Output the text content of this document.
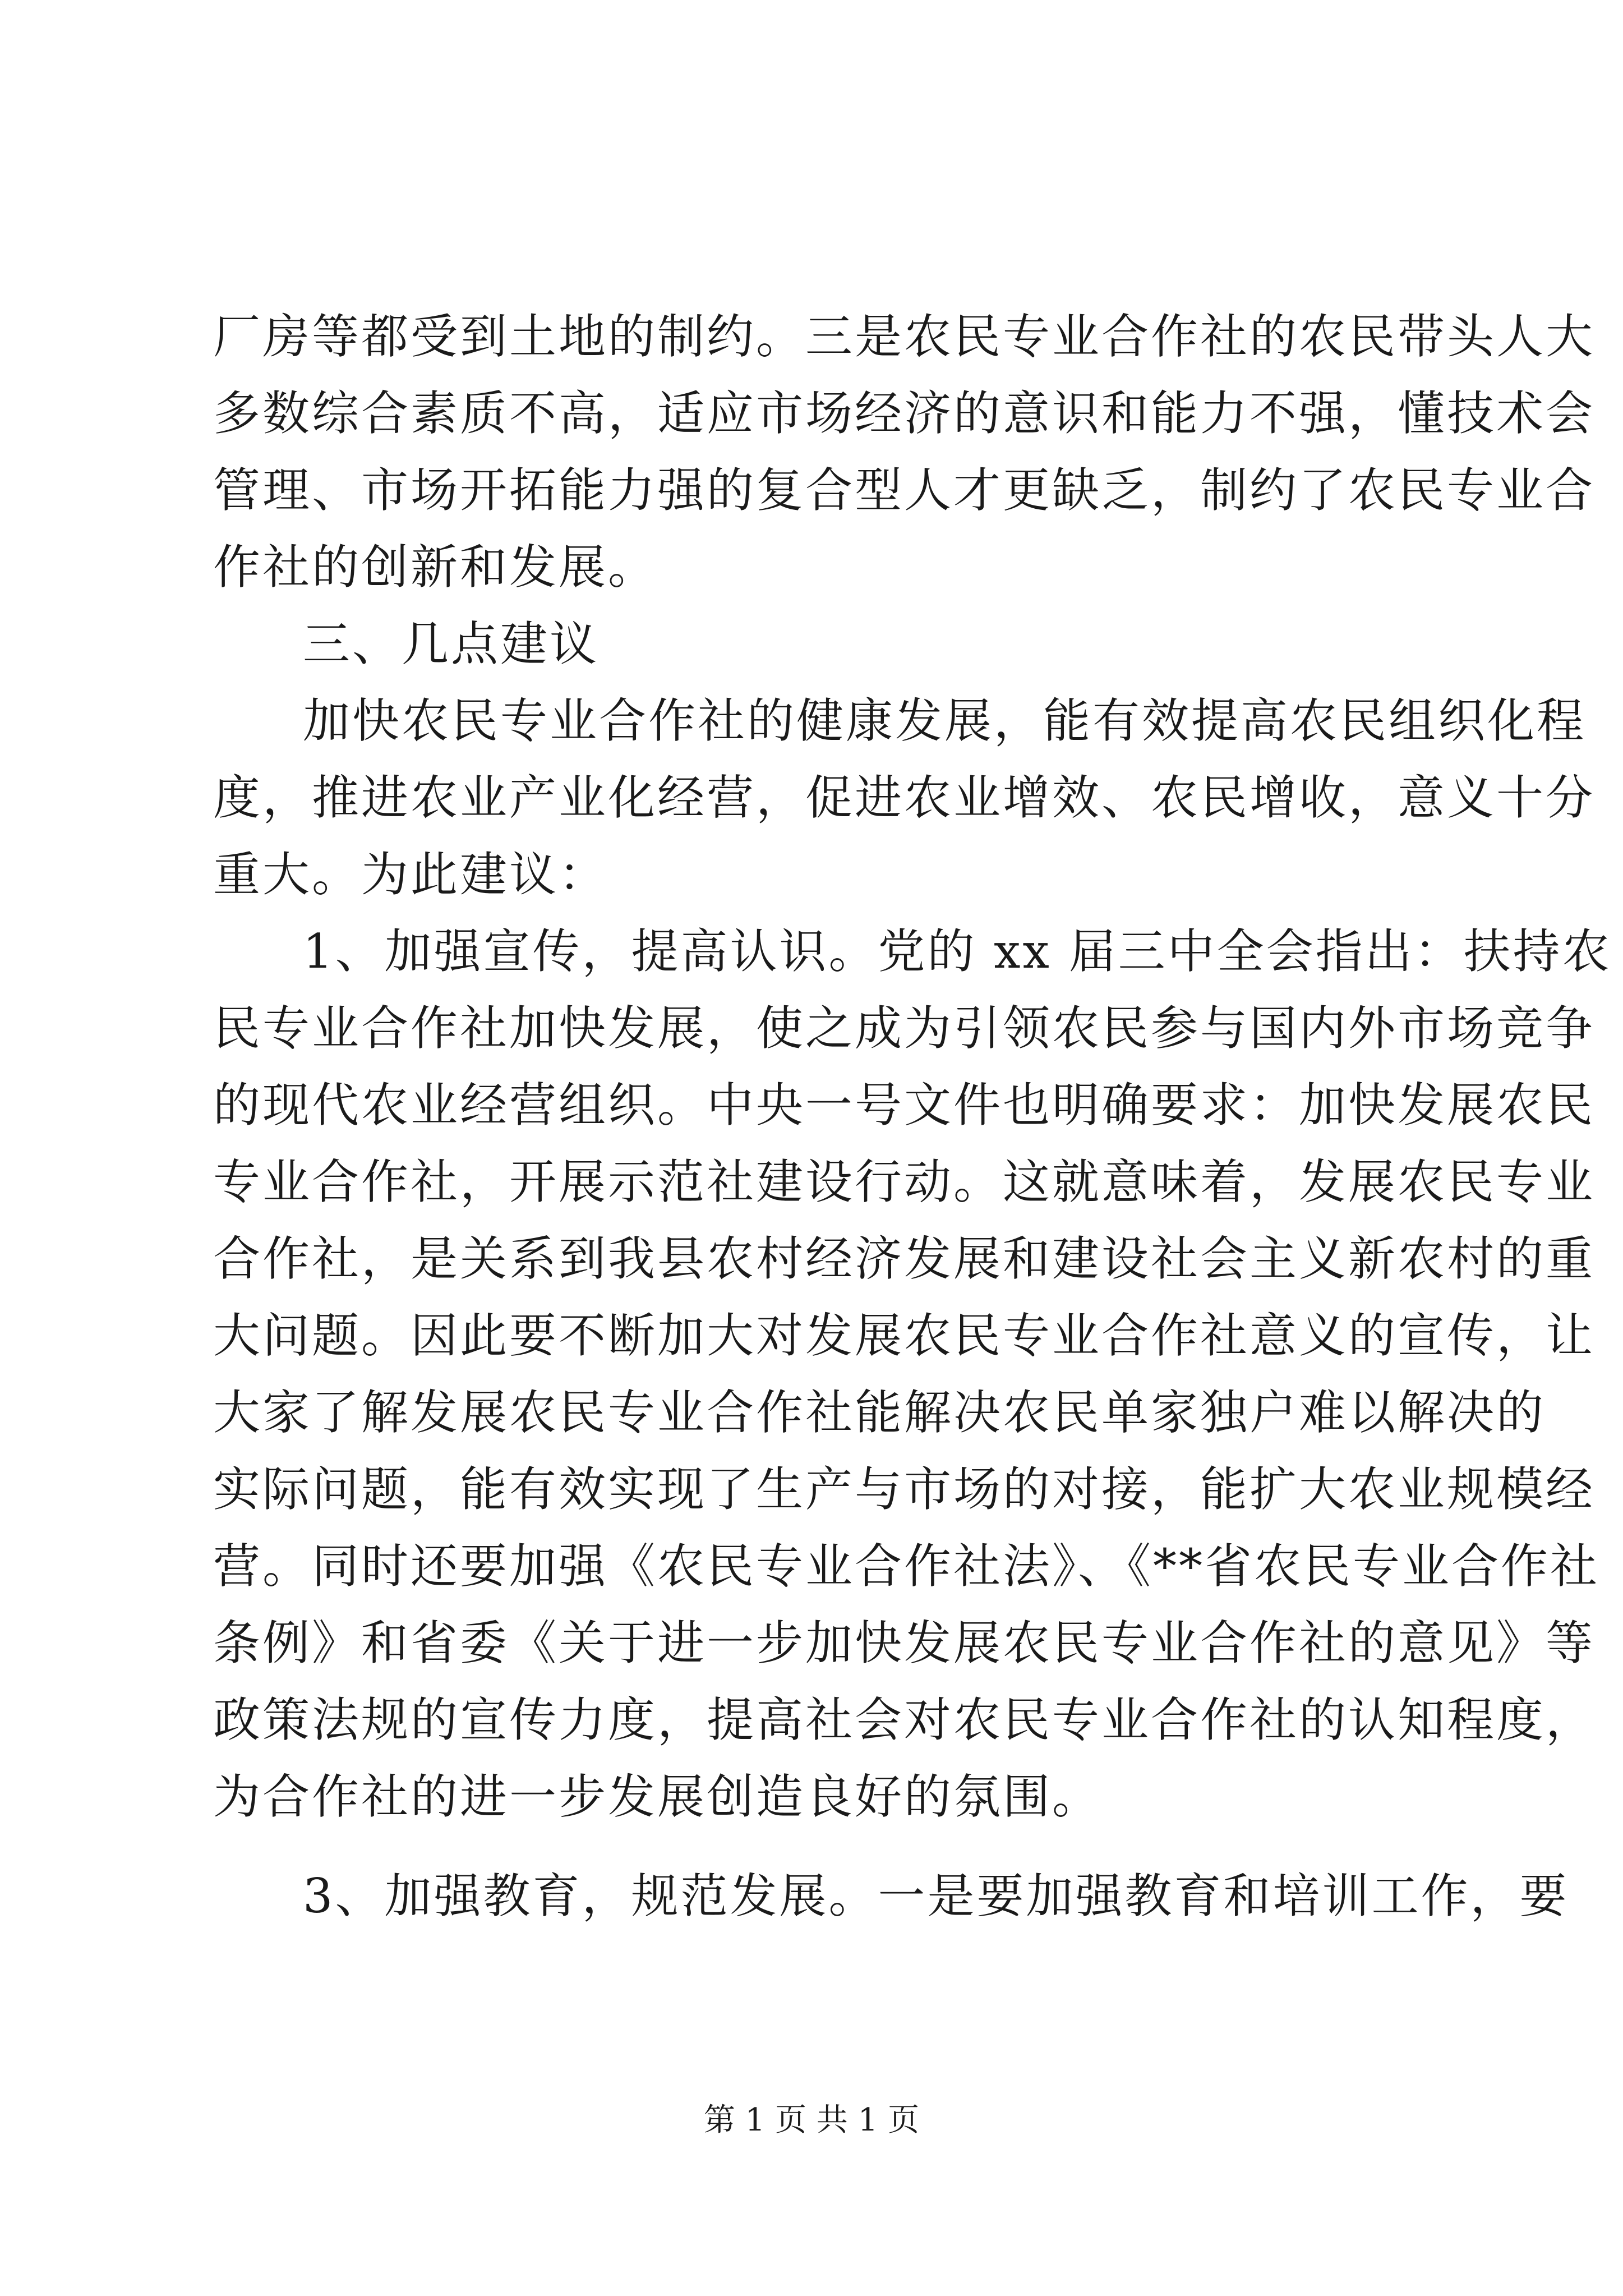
厂房等都受到土地的制约。三是农民专业合作社的农民带头人大
多数综合素质不高，适应市场经济的意识和能力不强，懂技术会
管理、市场开拓能力强的复合型人才更缺乏，制约了农民专业合
作社的创新和发展。
三、几点建议
加快农民专业合作社的健康发展，能有效提高农民组织化程
度，推进农业产业化经营，促进农业增效、农民增收，意义十分
重大。为此建议：
1、加强宣传，提高认识。党的 xx 届三中全会指出：扶持农
民专业合作社加快发展，使之成为引领农民参与国内外市场竞争
的现代农业经营组织。中央一号文件也明确要求：加快发展农民
专业合作社，开展示范社建设行动。这就意味着，发展农民专业
合作社，是关系到我县农村经济发展和建设社会主义新农村的重
大问题。因此要不断加大对发展农民专业合作社意义的宣传，让
大家了解发展农民专业合作社能解决农民单家独户难以解决的
实际问题，能有效实现了生产与市场的对接，能扩大农业规模经
营。同时还要加强《农民专业合作社法》、《**省农民专业合作社
条例》和省委《关于进一步加快发展农民专业合作社的意见》等
政策法规的宣传力度，提高社会对农民专业合作社的认知程度，
为合作社的进一步发展创造良好的氛围。
3、加强教育，规范发展。一是要加强教育和培训工作，要
第 1 页 共 1 页
